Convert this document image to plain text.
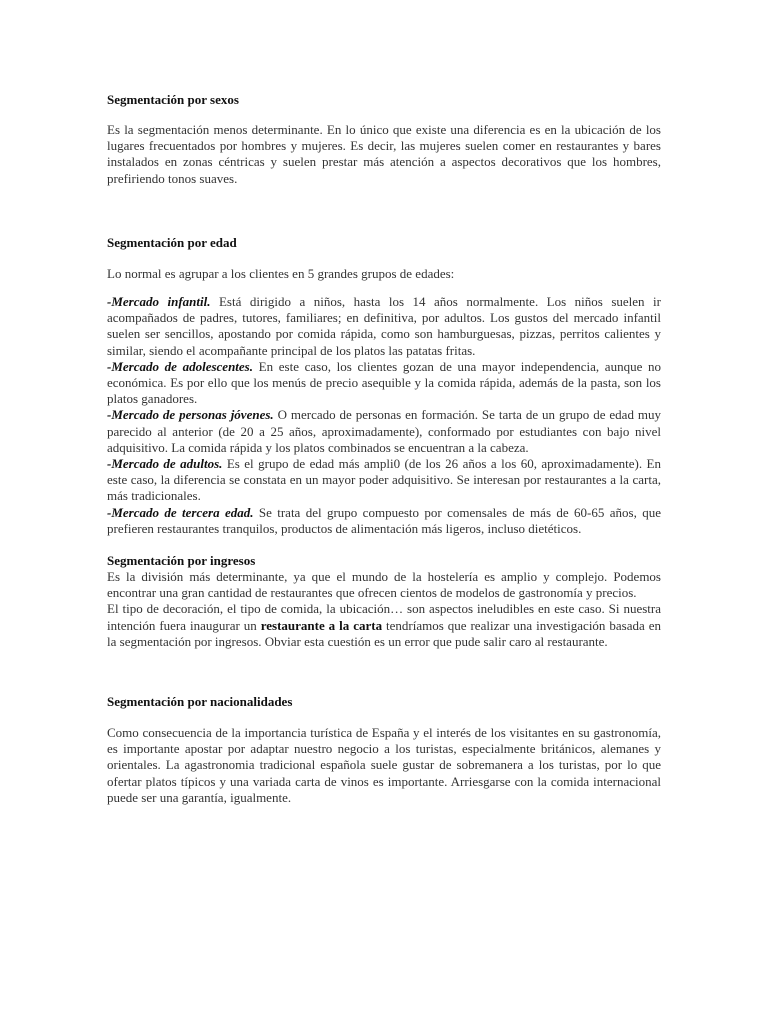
Segmentación por sexos

Es la segmentación menos determinante. En lo único que existe una diferencia es en la ubicación de los lugares frecuentados por hombres y mujeres. Es decir, las mujeres suelen comer en restaurantes y bares instalados en zonas céntricas y suelen prestar más atención a aspectos decorativos que los hombres, prefiriendo tonos suaves.

Segmentación por edad

Lo normal es agrupar a los clientes en 5 grandes grupos de edades:

-Mercado infantil. Está dirigido a niños, hasta los 14 años normalmente. Los niños suelen ir acompañados de padres, tutores, familiares; en definitiva, por adultos. Los gustos del mercado infantil suelen ser sencillos, apostando por comida rápida, como son hamburguesas, pizzas, perritos calientes y similar, siendo el acompañante principal de los platos las patatas fritas.

-Mercado de adolescentes. En este caso, los clientes gozan de una mayor independencia, aunque no económica. Es por ello que los menús de precio asequible y la comida rápida, además de la pasta, son los platos ganadores.

-Mercado de personas jóvenes. O mercado de personas en formación. Se tarta de un grupo de edad muy parecido al anterior (de 20 a 25 años, aproximadamente), conformado por estudiantes con bajo nivel adquisitivo. La comida rápida y los platos combinados se encuentran a la cabeza.

-Mercado de adultos. Es el grupo de edad más ampli0 (de los 26 años a los 60, aproximadamente). En este caso, la diferencia se constata en un mayor poder adquisitivo. Se interesan por restaurantes a la carta, más tradicionales.

-Mercado de tercera edad. Se trata del grupo compuesto por comensales de más de 60-65 años, que prefieren restaurantes tranquilos, productos de alimentación más ligeros, incluso dietéticos.

Segmentación por ingresos

Es la división más determinante, ya que el mundo de la hostelería es amplio y complejo. Podemos encontrar una gran cantidad de restaurantes que ofrecen cientos de modelos de gastronomía y precios.

El tipo de decoración, el tipo de comida, la ubicación… son aspectos ineludibles en este caso. Si nuestra intención fuera inaugurar un restaurante a la carta tendríamos que realizar una investigación basada en la segmentación por ingresos. Obviar esta cuestión es un error que pude salir caro al restaurante.

Segmentación por nacionalidades

Como consecuencia de la importancia turística de España y el interés de los visitantes en su gastronomía, es importante apostar por adaptar nuestro negocio a los turistas, especialmente británicos, alemanes y orientales. La agastronomia tradicional española suele gustar de sobremanera a los turistas, por lo que ofertar platos típicos y una variada carta de vinos es importante. Arriesgarse con la comida internacional puede ser una garantía, igualmente.
